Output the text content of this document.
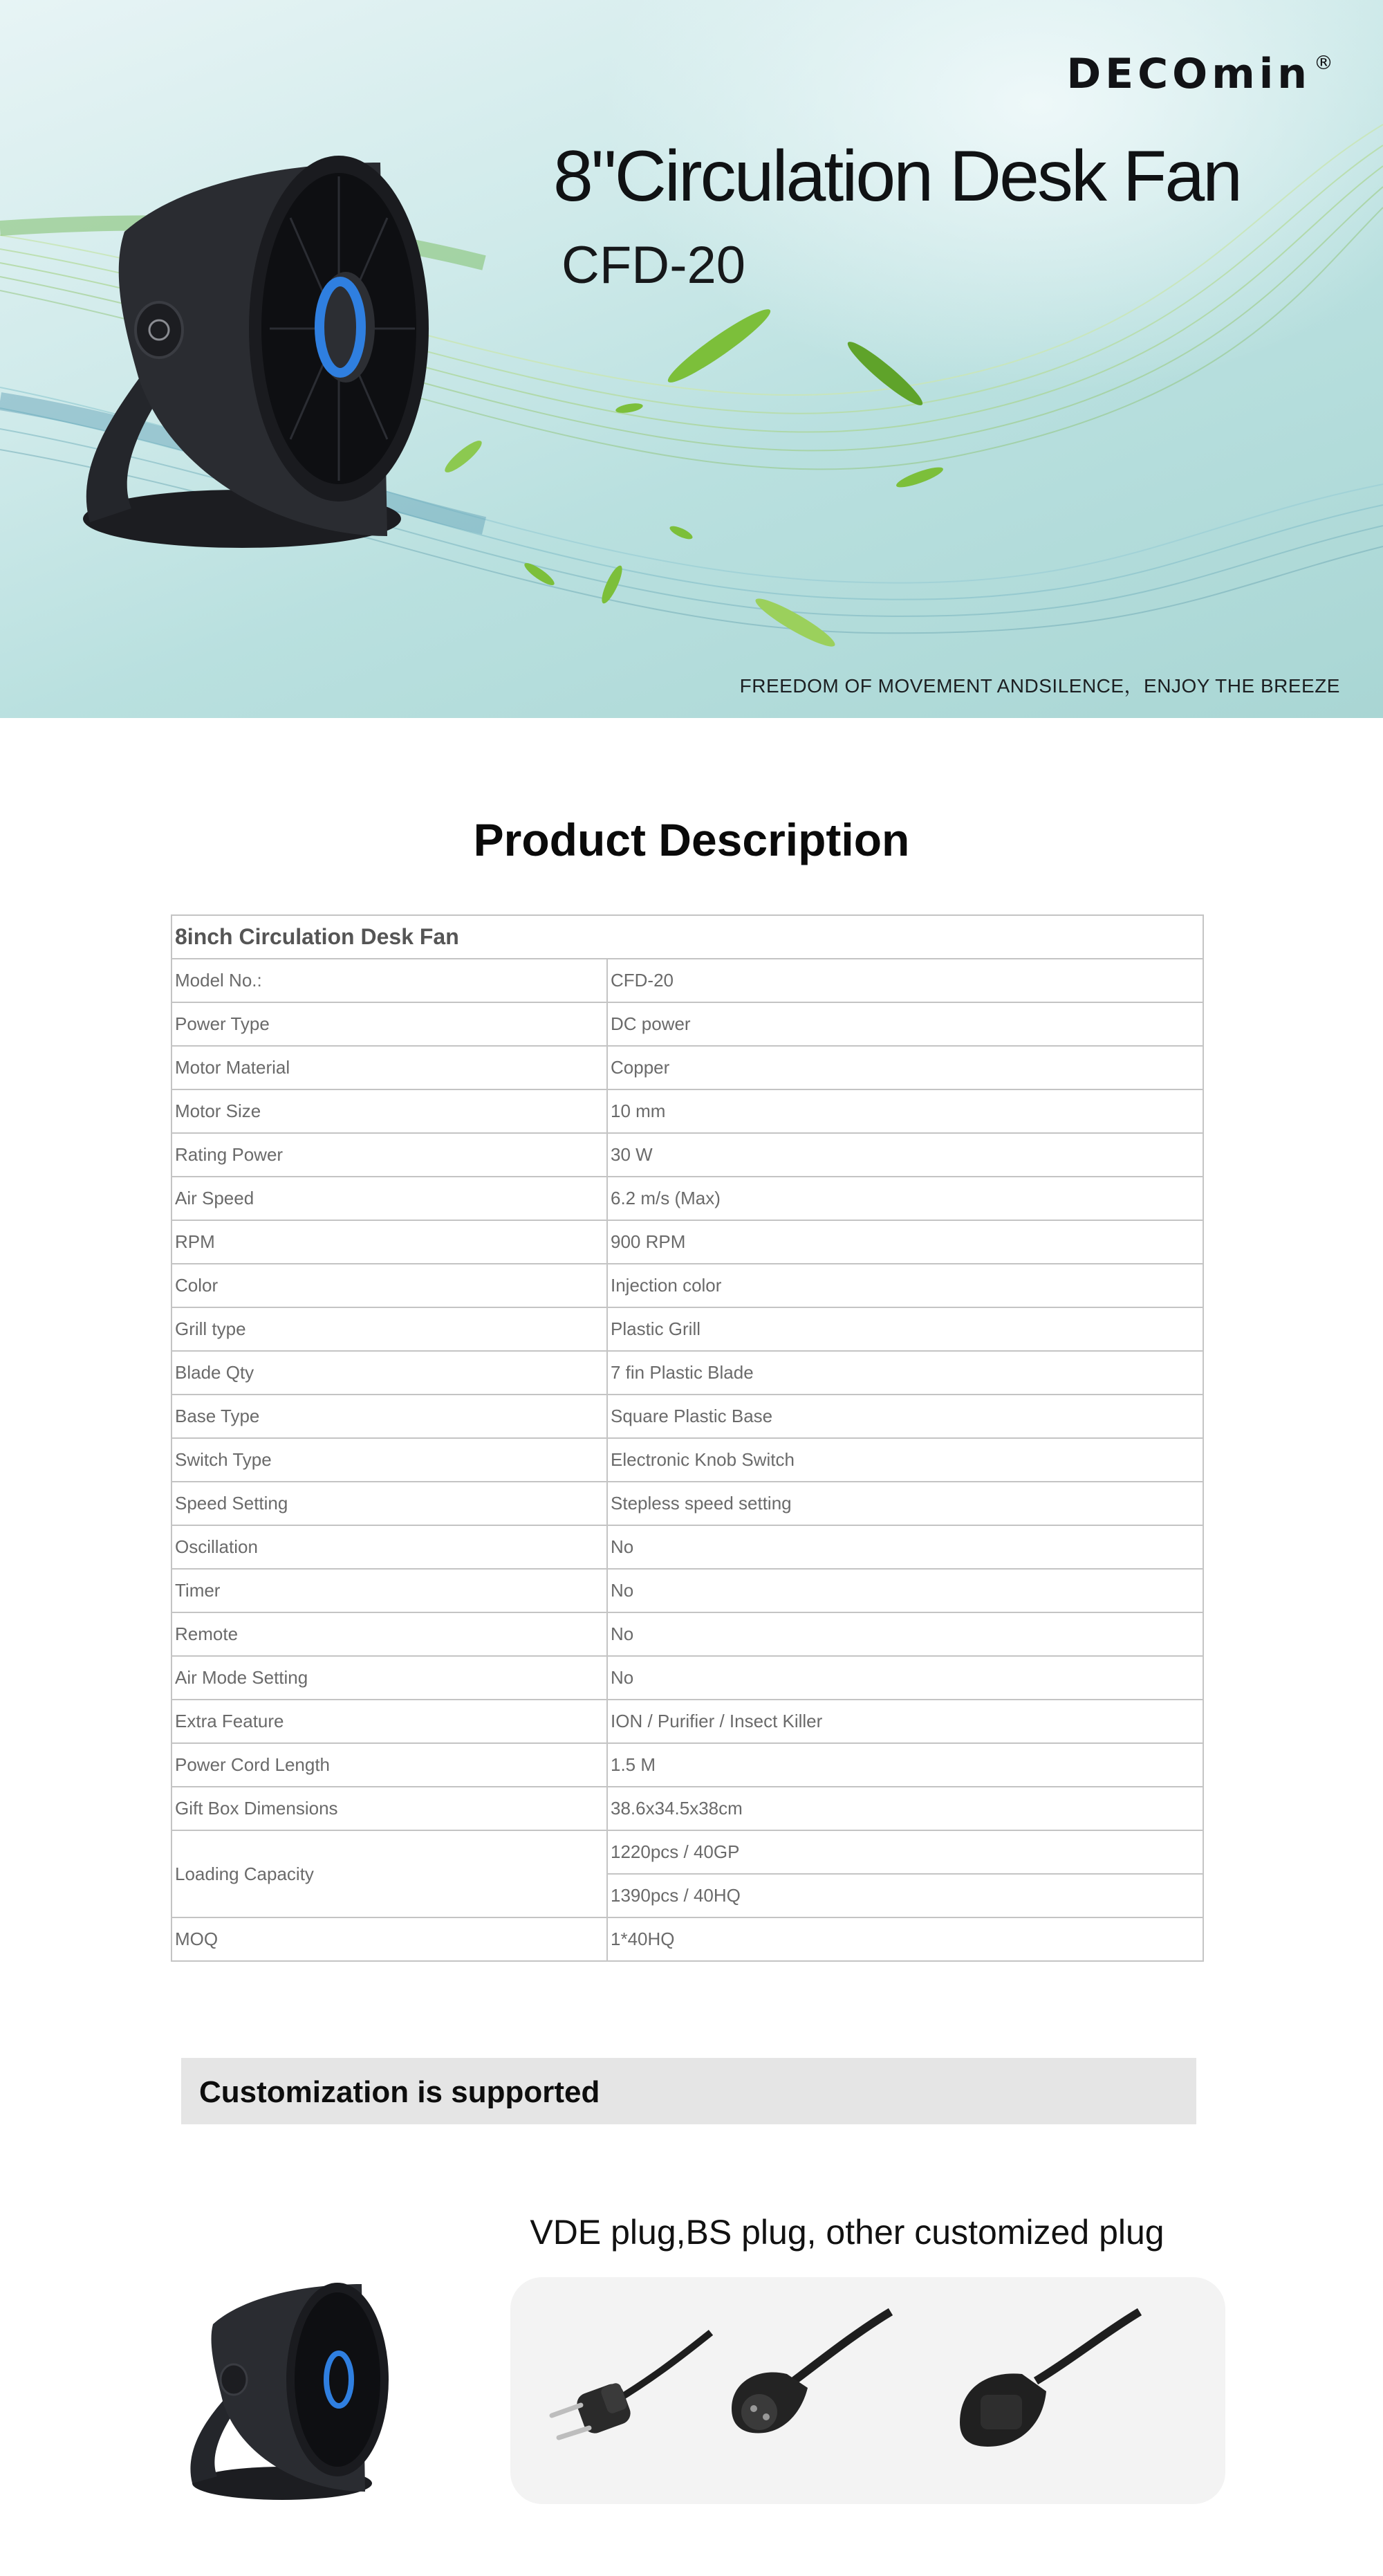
DECOmin ®
8"Circulation Desk Fan
CFD-20
FREEDOM OF MOVEMENT ANDSILENCE，ENJOY THE BREEZE
Product Description
8inch Circulation Desk Fan	
Model No.:	CFD-20
Power Type	DC power
Motor Material	Copper
Motor Size	10 mm
Rating Power	30 W
Air Speed	6.2 m/s (Max)
RPM	900 RPM
Color	Injection color
Grill type	Plastic Grill
Blade Qty	7 fin Plastic Blade
Base Type	Square Plastic Base
Switch Type	Electronic Knob Switch
Speed Setting	Stepless speed setting
Oscillation	No
Timer	No
Remote	No
Air Mode Setting	No
Extra Feature	ION / Purifier / Insect Killer
Power Cord Length	1.5 M
Gift Box Dimensions	38.6x34.5x38cm
Loading Capacity	1220pcs / 40GP
	1390pcs / 40HQ
MOQ	1*40HQ
Customization is supported
VDE plug,BS plug, other customized plug
